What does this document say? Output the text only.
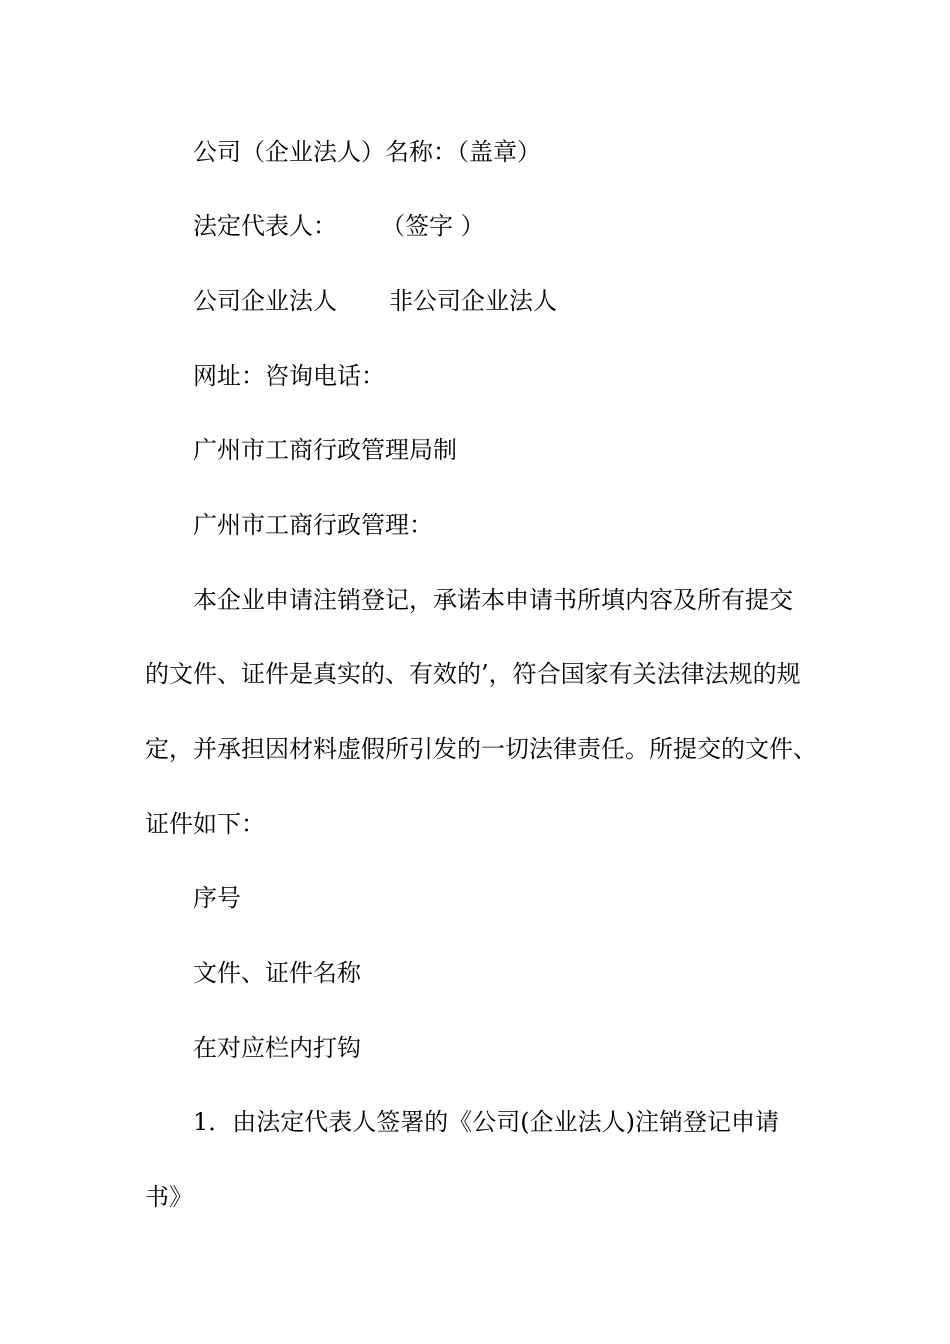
公司（企业法人）名称：（盖章）

法定代表人： （签字 ）

公司企业法人 非公司企业法人

网址：咨询电话：

广州市工商行政管理局制

广州市工商行政管理：

本企业申请注销登记，承诺本申请书所填内容及所有提交

的文件、证件是真实的、有效的’，符合国家有关法律法规的规

定，并承担因材料虚假所引发的一切法律责任。所提交的文件、

证件如下：

序号

文件、证件名称

在对应栏内打钩

1．由法定代表人签署的《公司(企业法人)注销登记申请

书》
